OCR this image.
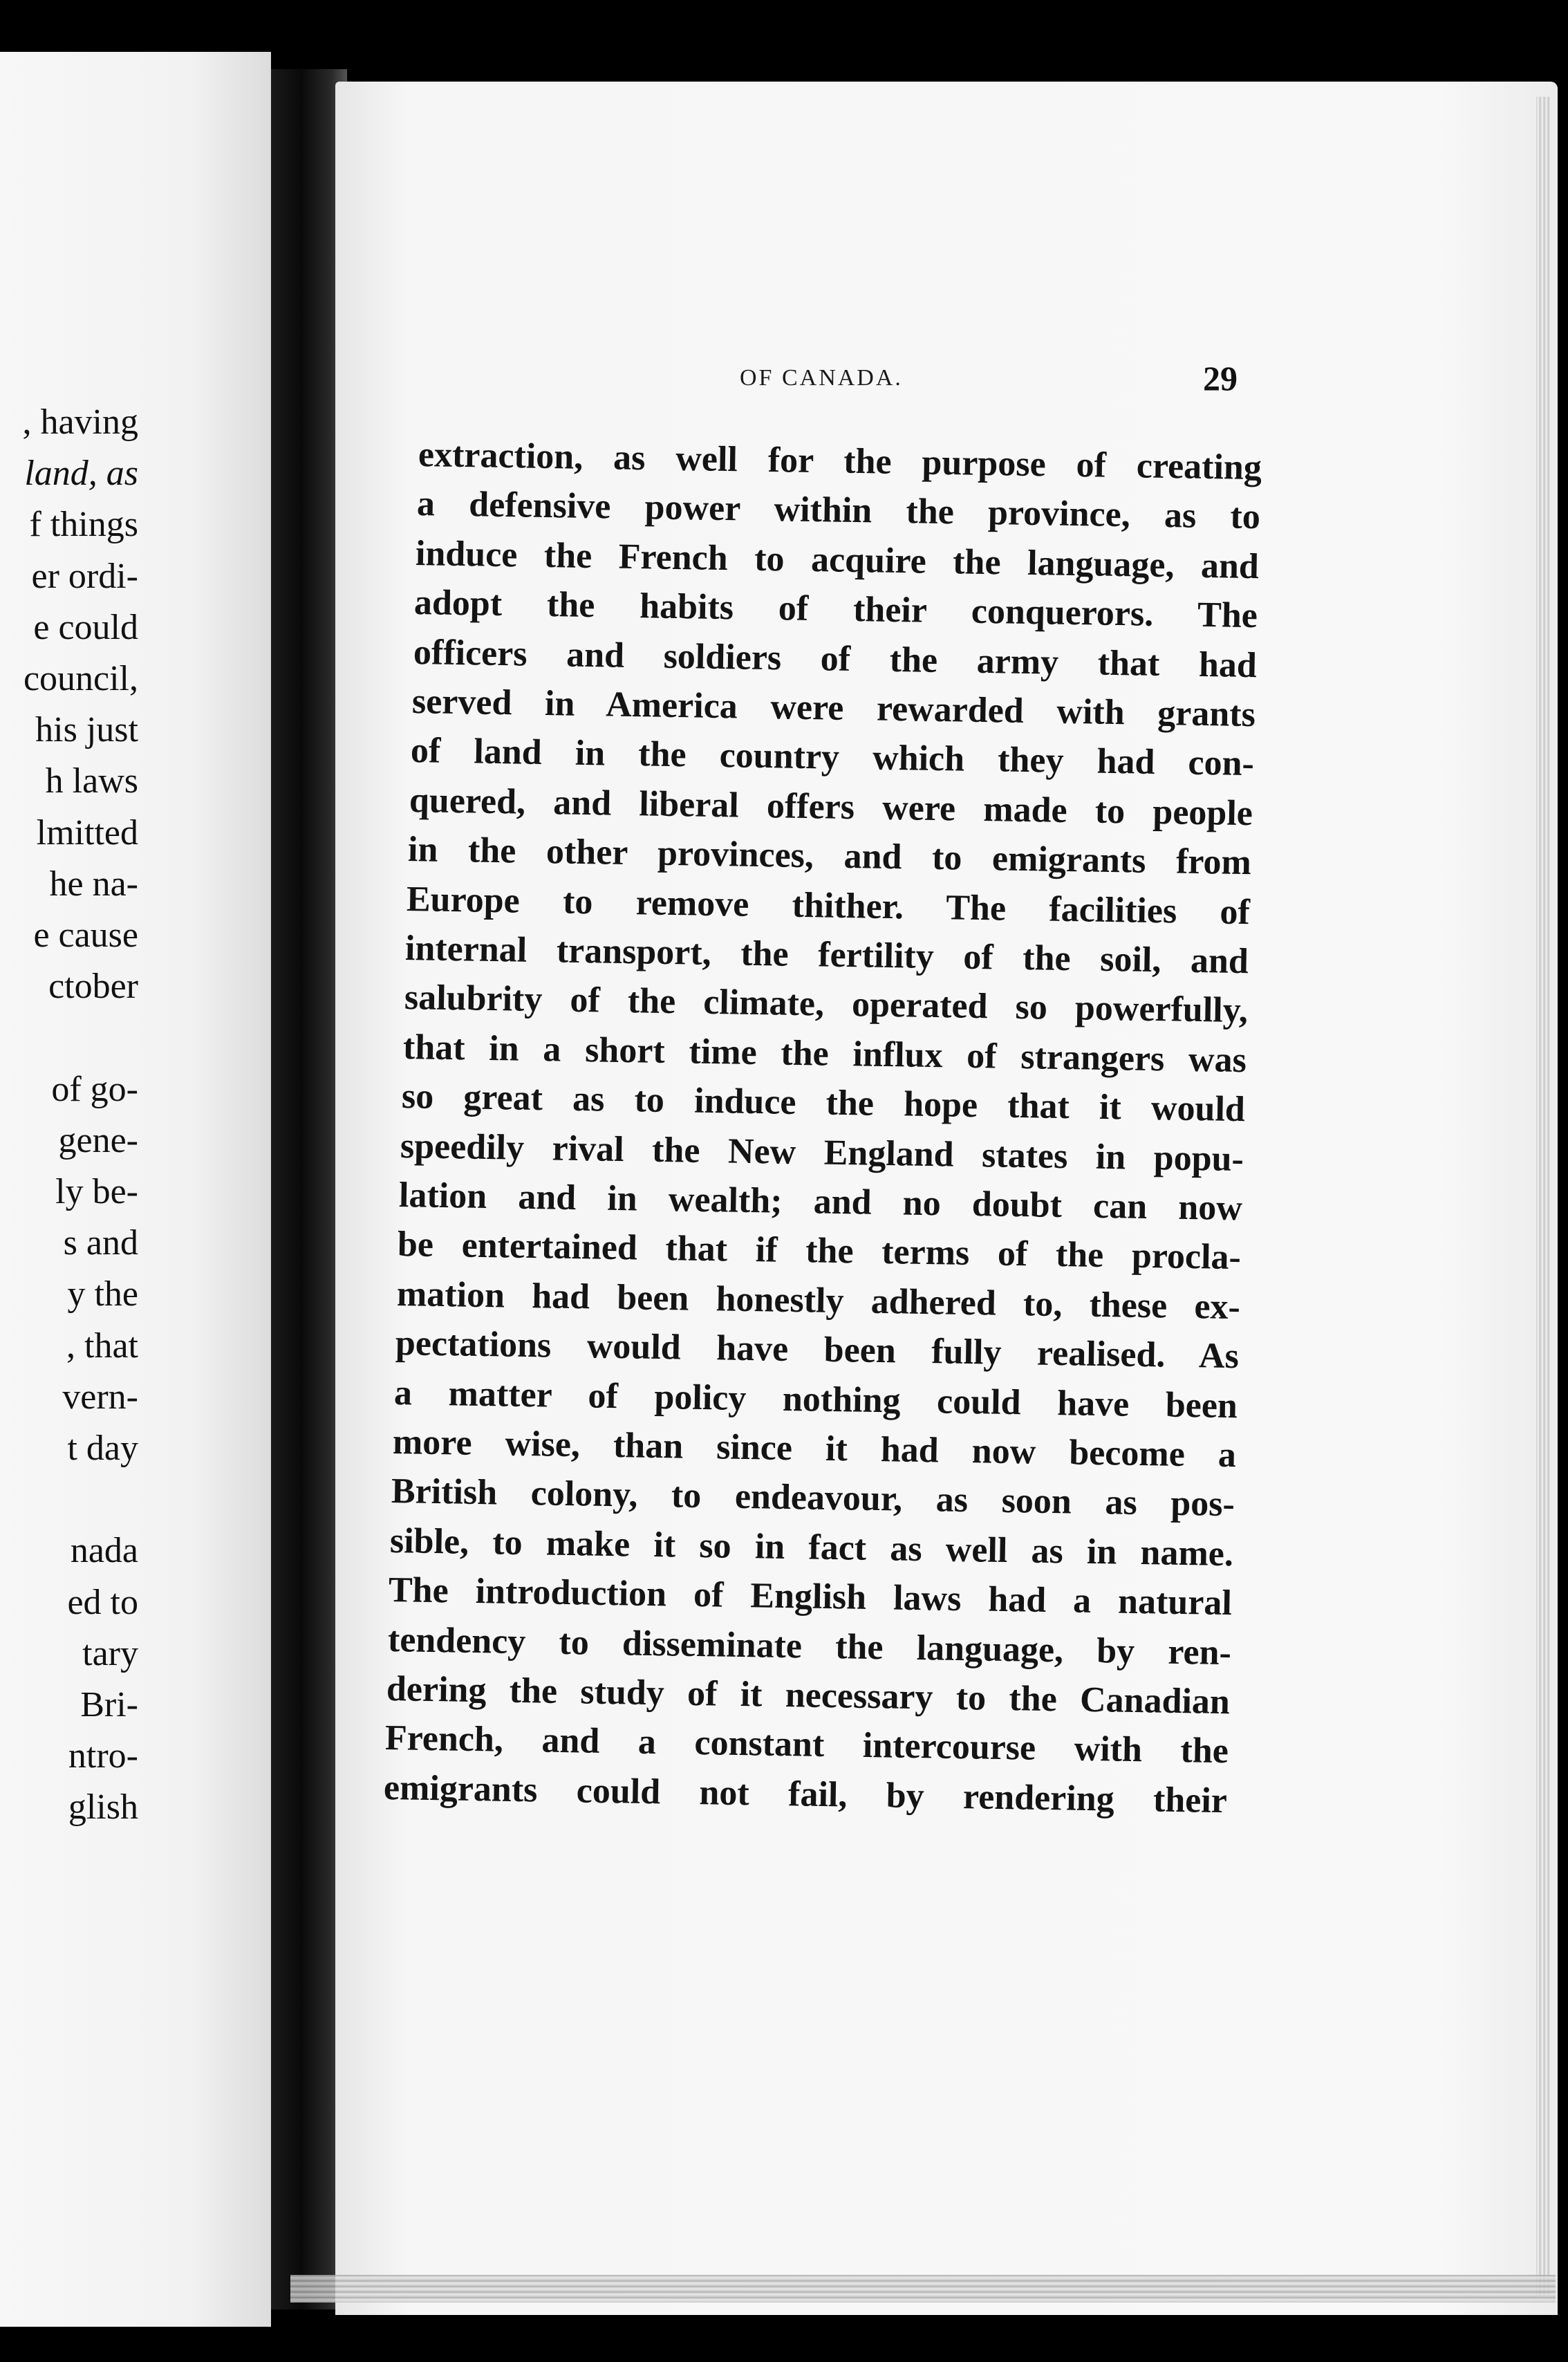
, having
land, as
f things
er ordi-
e could
council,
his just
h laws
lmitted
he na-
e cause
ctober
of go-
gene-
ly be-
s and
y the
, that
vern-
t day
nada
ed to
tary
Bri-
ntro-
glish
OF CANADA.	29
extraction, as well for the purpose of creating
a defensive power within the province, as to
induce the French to acquire the language, and
adopt the habits of their conquerors. The
officers and soldiers of the army that had
served in America were rewarded with grants
of land in the country which they had con-
quered, and liberal offers were made to people
in the other provinces, and to emigrants from
Europe to remove thither. The facilities of
internal transport, the fertility of the soil, and
salubrity of the climate, operated so powerfully,
that in a short time the influx of strangers was
so great as to induce the hope that it would
speedily rival the New England states in popu-
lation and in wealth; and no doubt can now
be entertained that if the terms of the procla-
mation had been honestly adhered to, these ex-
pectations would have been fully realised. As
a matter of policy nothing could have been
more wise, than since it had now become a
British colony, to endeavour, as soon as pos-
sible, to make it so in fact as well as in name.
The introduction of English laws had a natural
tendency to disseminate the language, by ren-
dering the study of it necessary to the Canadian
French, and a constant intercourse with the
emigrants could not fail, by rendering their
